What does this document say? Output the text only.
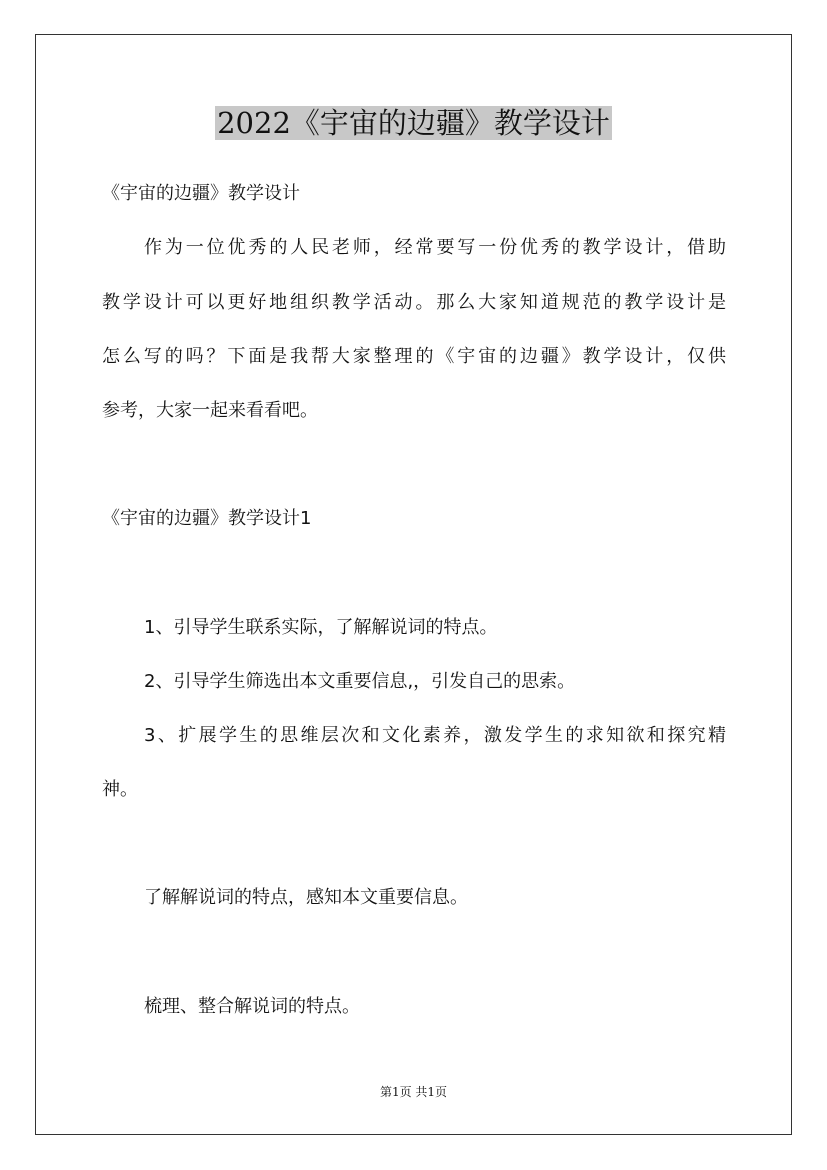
2022《宇宙的边疆》教学设计
《宇宙的边疆》教学设计
作为一位优秀的人民老师，经常要写一份优秀的教学设计，借助
教学设计可以更好地组织教学活动。那么大家知道规范的教学设计是
怎么写的吗？下面是我帮大家整理的《宇宙的边疆》教学设计，仅供
参考，大家一起来看看吧。
《宇宙的边疆》教学设计1
1、引导学生联系实际，了解解说词的特点。
2、引导学生筛选出本文重要信息,，引发自己的思索。
3、扩展学生的思维层次和文化素养，激发学生的求知欲和探究精
神。
了解解说词的特点，感知本文重要信息。
梳理、整合解说词的特点。
第1页 共1页
